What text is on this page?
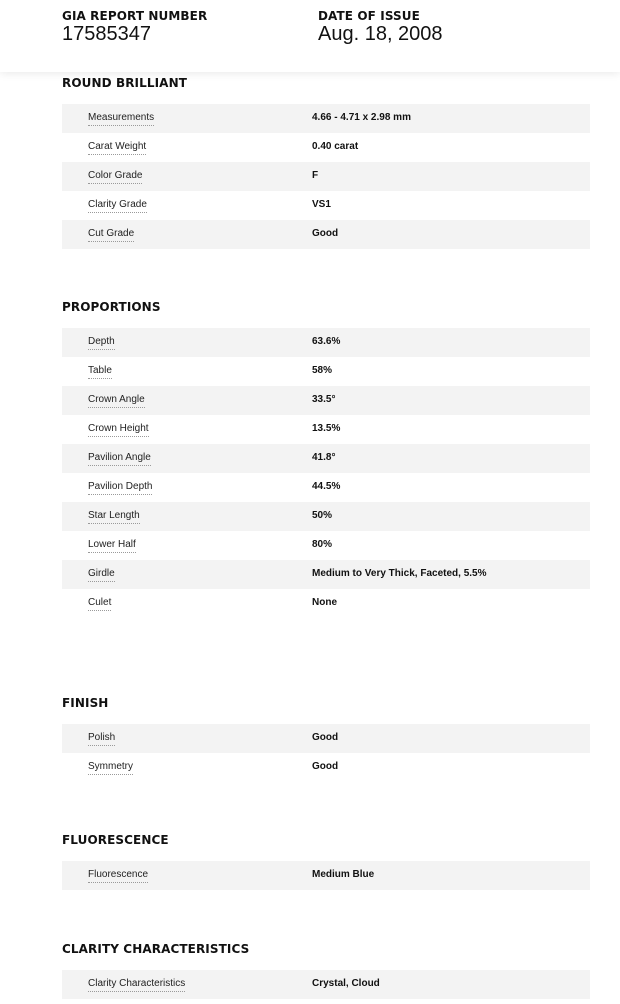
GIA REPORT NUMBER
17585347
DATE OF ISSUE
Aug. 18, 2008
ROUND BRILLIANT
Measurements	4.66 - 4.71 x 2.98 mm
Carat Weight	0.40 carat
Color Grade	F
Clarity Grade	VS1
Cut Grade	Good
PROPORTIONS
Depth	63.6%
Table	58%
Crown Angle	33.5°
Crown Height	13.5%
Pavilion Angle	41.8°
Pavilion Depth	44.5%
Star Length	50%
Lower Half	80%
Girdle	Medium to Very Thick, Faceted, 5.5%
Culet	None
FINISH
Polish	Good
Symmetry	Good
FLUORESCENCE
Fluorescence	Medium Blue
CLARITY CHARACTERISTICS
Clarity Characteristics	Crystal, Cloud
